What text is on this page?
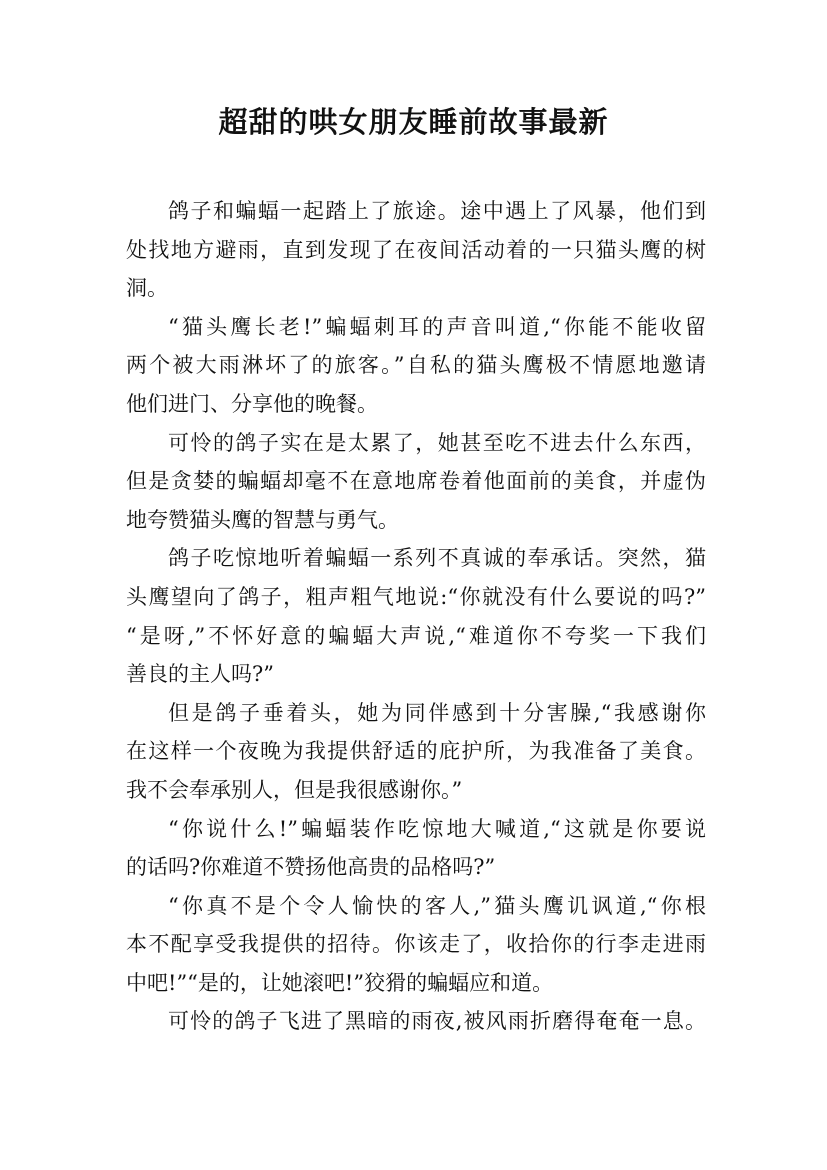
超甜的哄女朋友睡前故事最新
鸽子和蝙蝠一起踏上了旅途。途中遇上了风暴，他们到
处找地方避雨，直到发现了在夜间活动着的一只猫头鹰的树
洞。
“猫头鹰长老!”蝙蝠刺耳的声音叫道,“你能不能收留
两个被大雨淋坏了的旅客。”自私的猫头鹰极不情愿地邀请
他们进门、分享他的晚餐。
可怜的鸽子实在是太累了，她甚至吃不进去什么东西，
但是贪婪的蝙蝠却毫不在意地席卷着他面前的美食，并虚伪
地夸赞猫头鹰的智慧与勇气。
鸽子吃惊地听着蝙蝠一系列不真诚的奉承话。突然，猫
头鹰望向了鸽子，粗声粗气地说:“你就没有什么要说的吗?”
“是呀,”不怀好意的蝙蝠大声说,“难道你不夸奖一下我们
善良的主人吗?”
但是鸽子垂着头，她为同伴感到十分害臊,“我感谢你
在这样一个夜晚为我提供舒适的庇护所，为我准备了美食。
我不会奉承别人，但是我很感谢你。”
“你说什么!”蝙蝠装作吃惊地大喊道,“这就是你要说
的话吗?你难道不赞扬他高贵的品格吗?”
“你真不是个令人愉快的客人,”猫头鹰讥讽道,“你根
本不配享受我提供的招待。你该走了，收拾你的行李走进雨
中吧!”“是的，让她滚吧!”狡猾的蝙蝠应和道。
可怜的鸽子飞进了黑暗的雨夜,被风雨折磨得奄奄一息。
